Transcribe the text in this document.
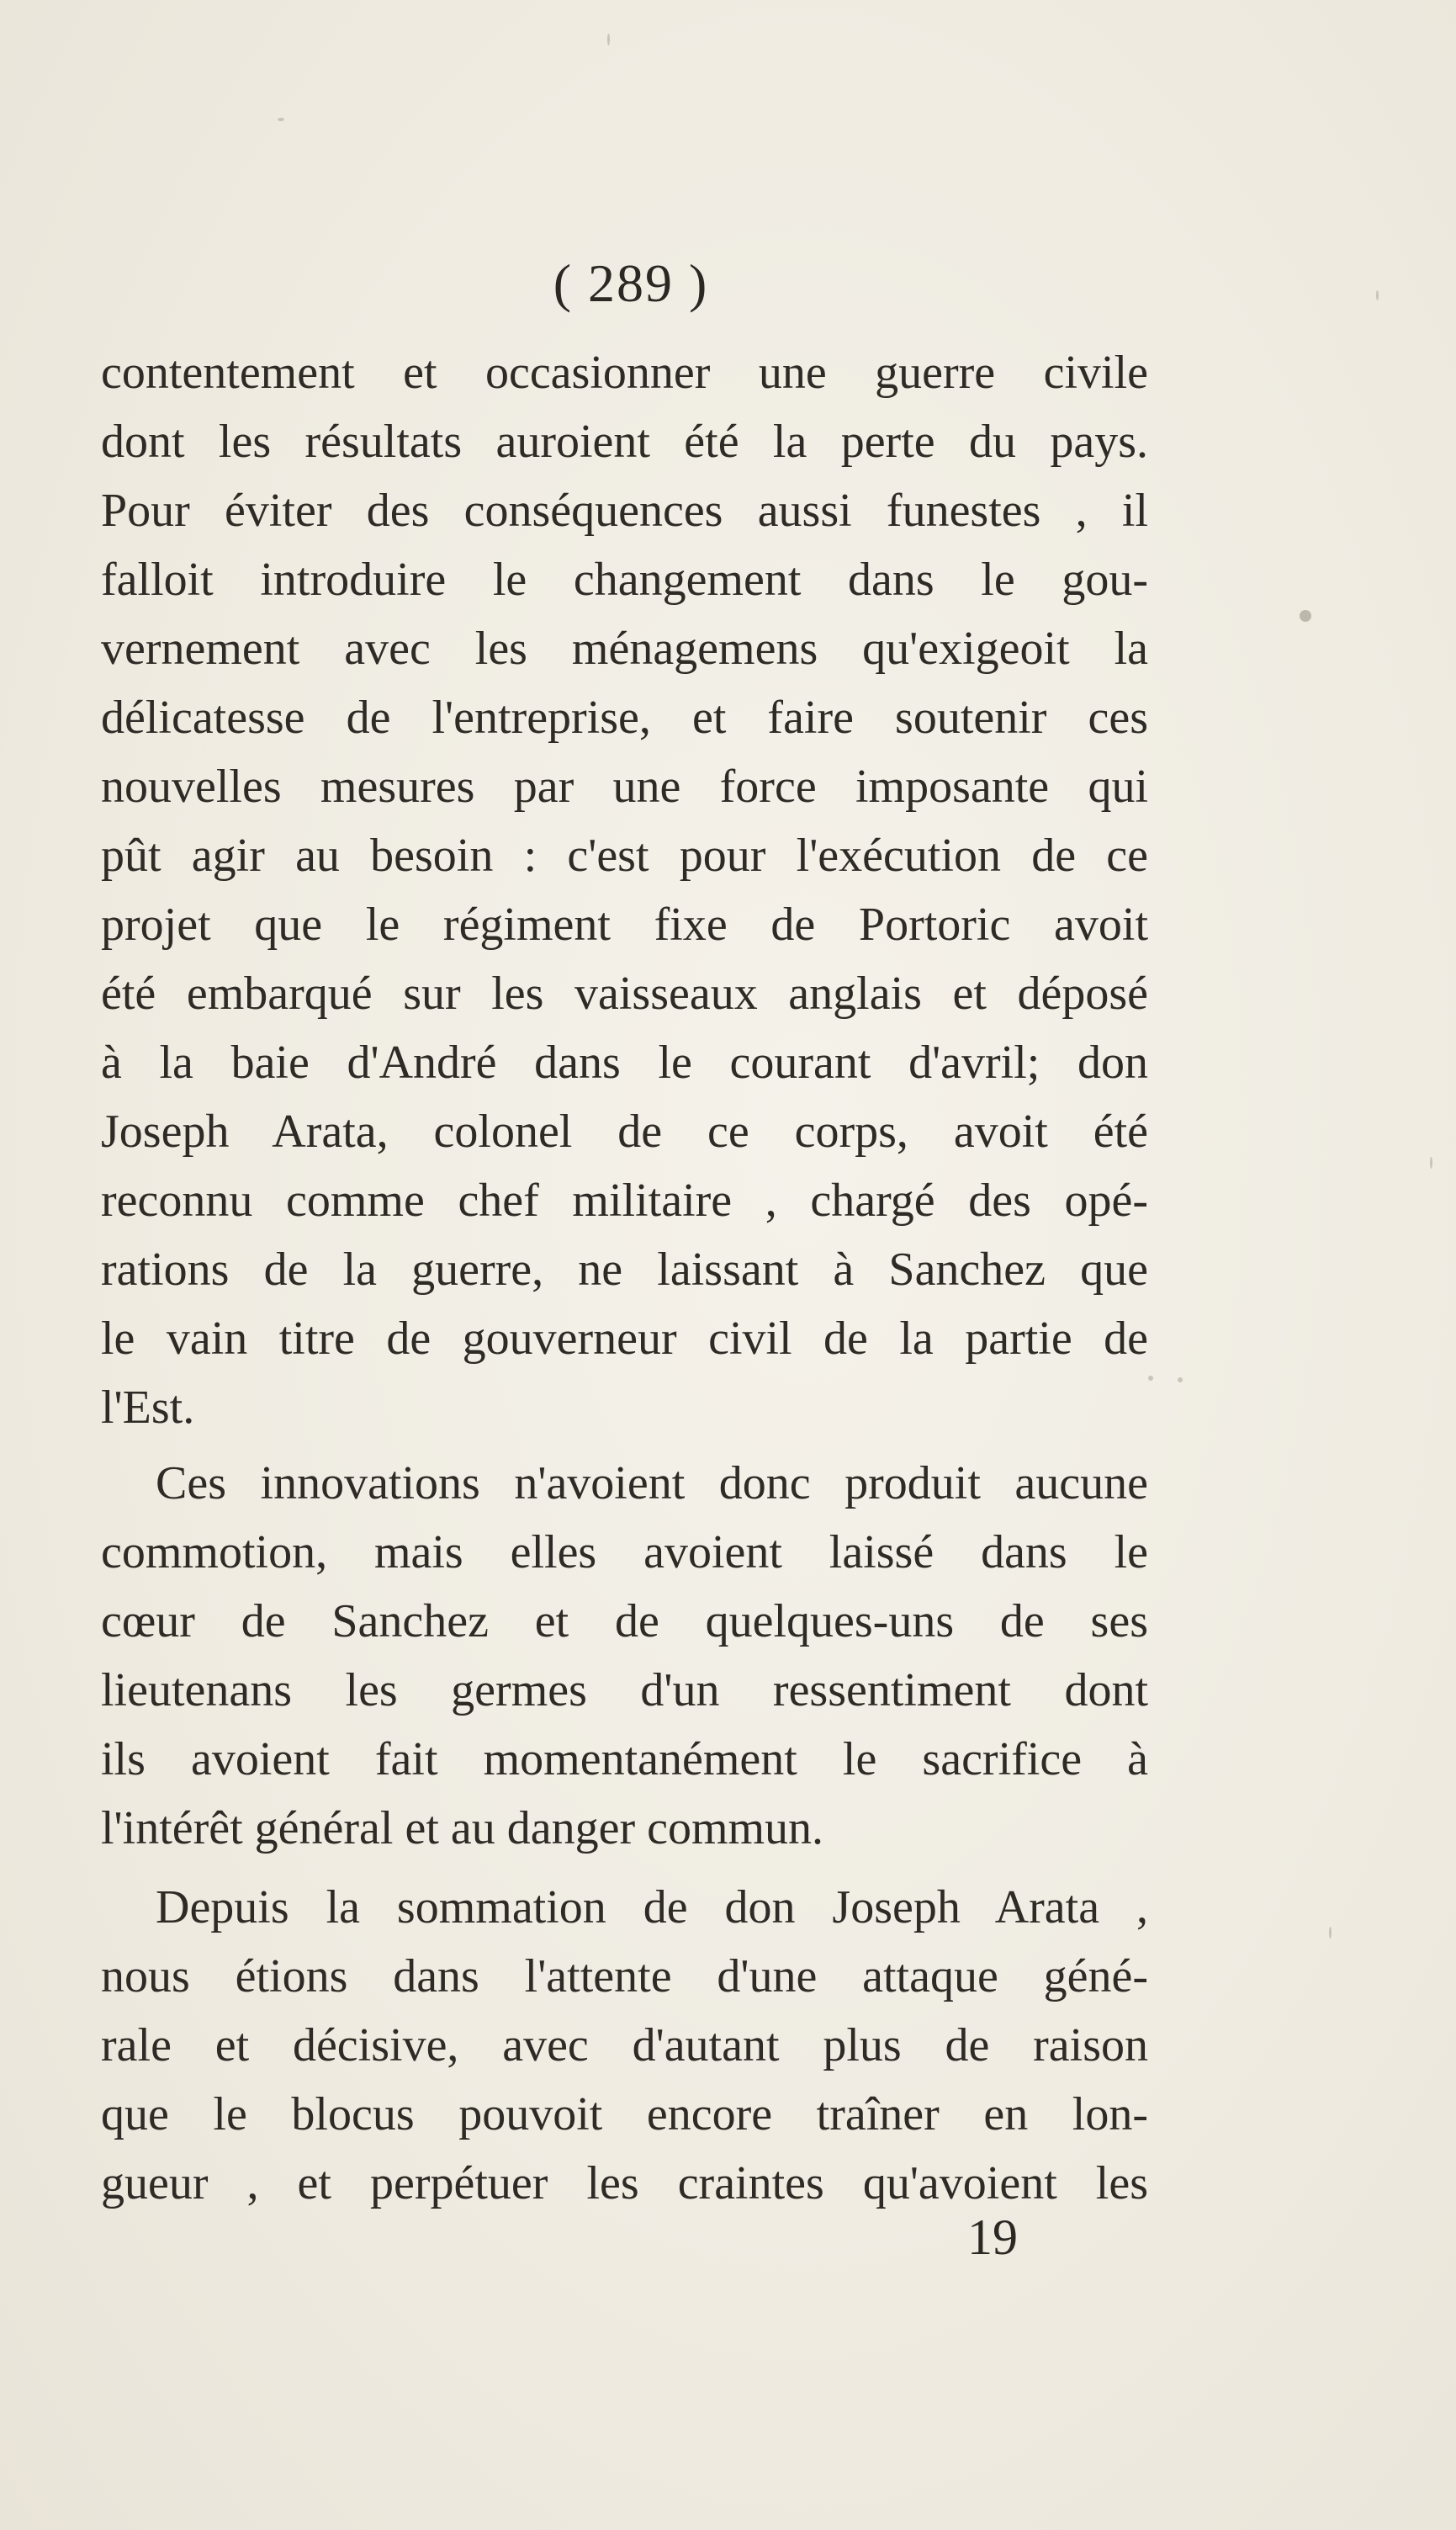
( 289 )
contentement et occasionner une guerre civile
dont les résultats auroient été la perte du pays.
Pour éviter des conséquences aussi funestes , il
falloit introduire le changement dans le gou-
vernement avec les ménagemens qu'exigeoit la
délicatesse de l'entreprise, et faire soutenir ces
nouvelles mesures par une force imposante qui
pût agir au besoin : c'est pour l'exécution de ce
projet que le régiment fixe de Portoric avoit
été embarqué sur les vaisseaux anglais et déposé
à la baie d'André dans le courant d'avril; don
Joseph Arata, colonel de ce corps, avoit été
reconnu comme chef militaire , chargé des opé-
rations de la guerre, ne laissant à Sanchez que
le vain titre de gouverneur civil de la partie de
l'Est.
Ces innovations n'avoient donc produit aucune
commotion, mais elles avoient laissé dans le
cœur de Sanchez et de quelques-uns de ses
lieutenans les germes d'un ressentiment dont
ils avoient fait momentanément le sacrifice à
l'intérêt général et au danger commun.
Depuis la sommation de don Joseph Arata ,
nous étions dans l'attente d'une attaque géné-
rale et décisive, avec d'autant plus de raison
que le blocus pouvoit encore traîner en lon-
gueur , et perpétuer les craintes qu'avoient les
19
